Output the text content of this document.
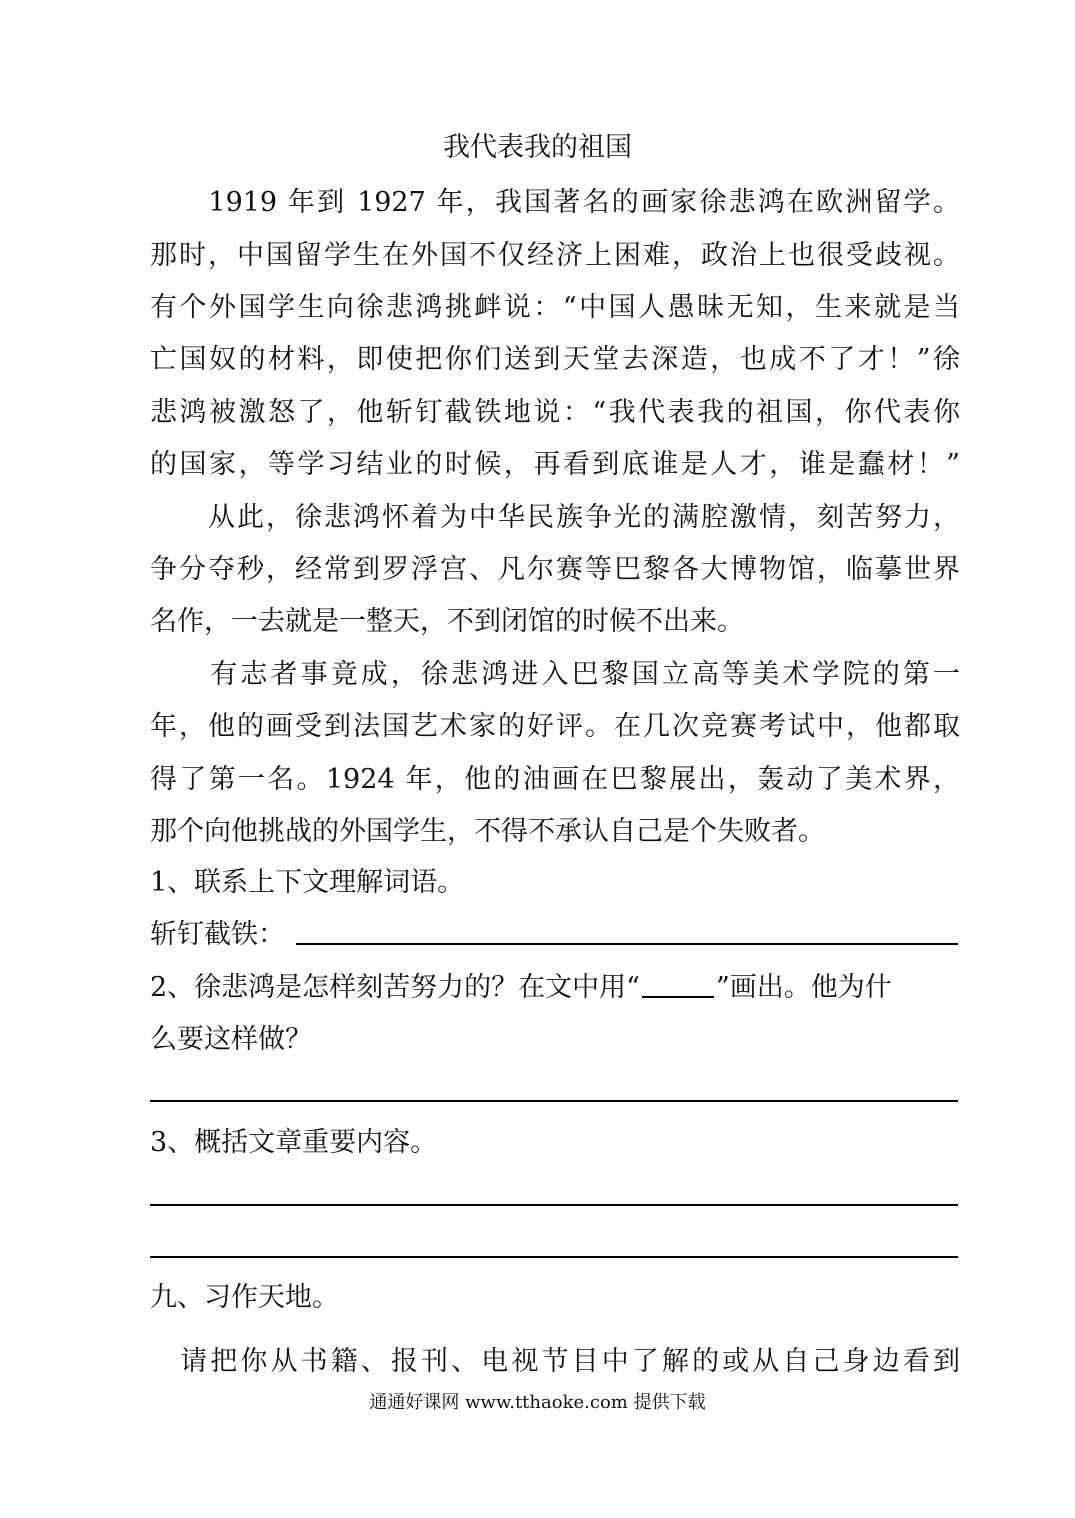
我代表我的祖国
　　1919 年到 1927 年，我国著名的画家徐悲鸿在欧洲留学。
那时，中国留学生在外国不仅经济上困难，政治上也很受歧视。
有个外国学生向徐悲鸿挑衅说：“中国人愚昧无知，生来就是当
亡国奴的材料，即使把你们送到天堂去深造，也成不了才！”徐
悲鸿被激怒了，他斩钉截铁地说：“我代表我的祖国，你代表你
的国家，等学习结业的时候，再看到底谁是人才，谁是蠢材！”
　　从此，徐悲鸿怀着为中华民族争光的满腔激情，刻苦努力，
争分夺秒，经常到罗浮宫、凡尔赛等巴黎各大博物馆，临摹世界
名作，一去就是一整天，不到闭馆的时候不出来。
　　有志者事竟成，徐悲鸿进入巴黎国立高等美术学院的第一
年，他的画受到法国艺术家的好评。在几次竞赛考试中，他都取
得了第一名。1924 年，他的油画在巴黎展出，轰动了美术界，
那个向他挑战的外国学生，不得不承认自己是个失败者。
1、联系上下文理解词语。
斩钉截铁：
2、徐悲鸿是怎样刻苦努力的？在文中用“	”画出。他为什
么要这样做？
3、概括文章重要内容。
九、习作天地。
　请把你从书籍、报刊、电视节目中了解的或从自己身边看到
通通好课网 www.tthaoke.com 提供下载
